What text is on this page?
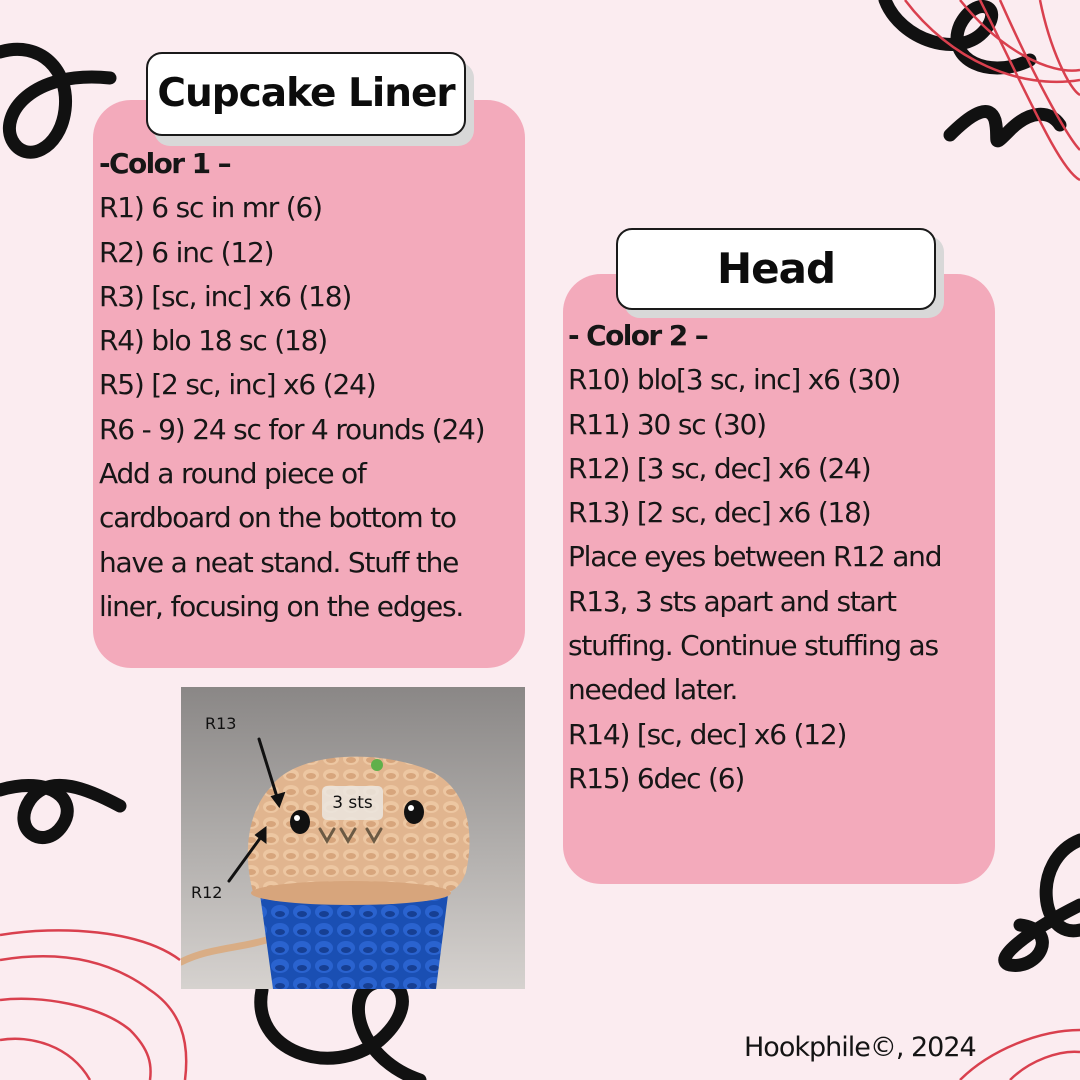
Cupcake Liner
-Color 1 –
R1) 6 sc in mr (6)
R2) 6 inc (12)
R3) [sc, inc] x6 (18)
R4) blo 18 sc (18)
R5) [2 sc, inc] x6 (24)
R6 - 9) 24 sc for 4 rounds (24)
Add a round piece of
cardboard on the bottom to
have a neat stand. Stuff the
liner, focusing on the edges.
Head
- Color 2 –
R10) blo[3 sc, inc] x6 (30)
R11) 30 sc (30)
R12) [3 sc, dec] x6 (24)
R13) [2 sc, dec] x6 (18)
Place eyes between R12 and
R13, 3 sts apart and start
stuffing. Continue stuffing as
needed later.
R14) [sc, dec] x6 (12)
R15) 6dec (6)
R13
R12
3 sts
Hookphile©, 2024
